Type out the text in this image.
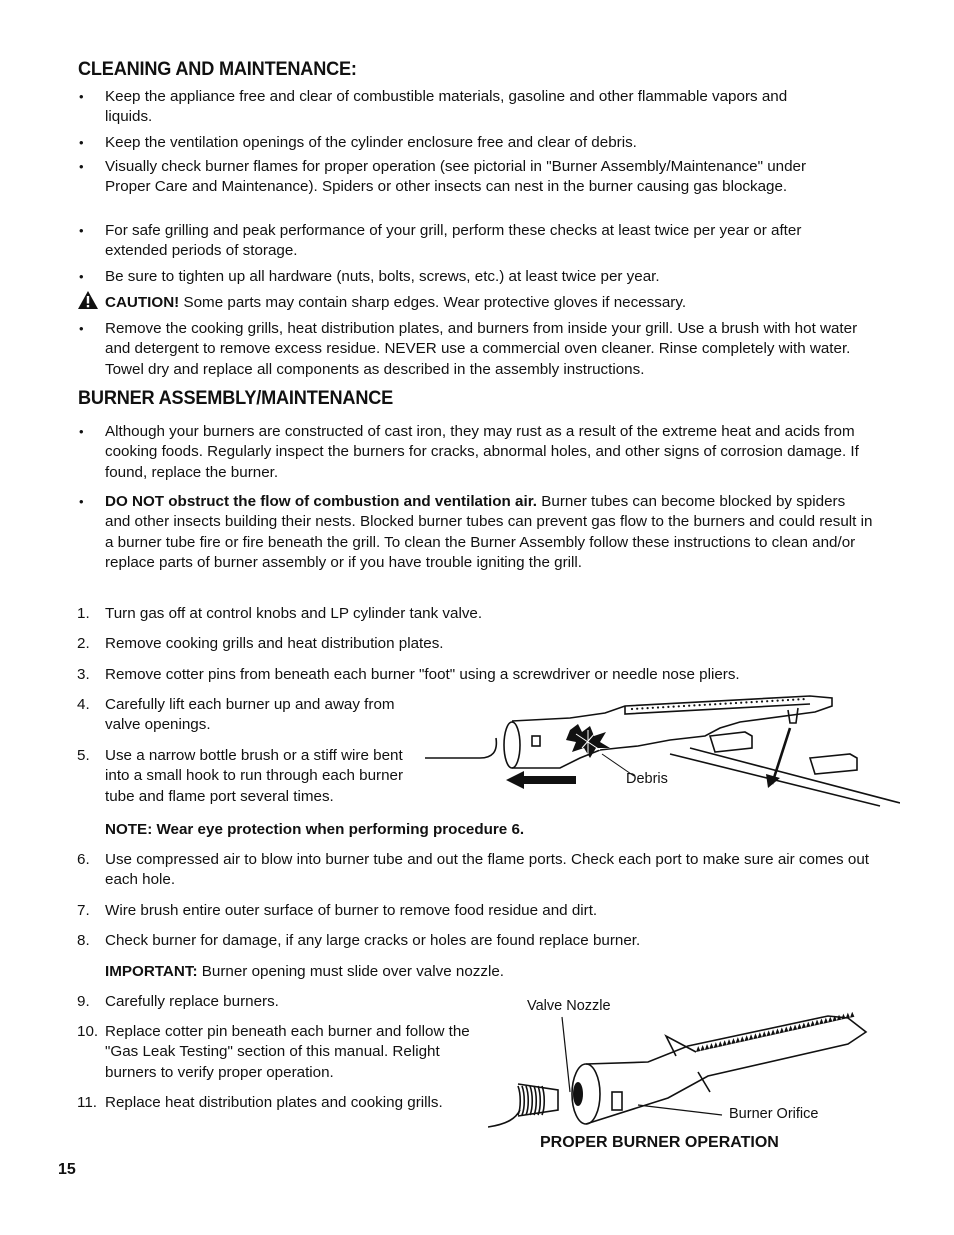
CLEANING AND MAINTENANCE:
•	Keep the appliance free and clear of combustible materials, gasoline and other flammable vapors and liquids.
•	Keep the ventilation openings of the cylinder enclosure free and clear of debris.
•	Visually check burner flames for proper operation (see pictorial in "Burner Assembly/Maintenance" under Proper Care and Maintenance). Spiders or other insects can nest in the burner causing gas blockage.
•	For safe grilling and peak performance of your grill, perform these checks at least twice per year or after extended periods of storage.
•	Be sure to tighten up all hardware (nuts, bolts, screws, etc.) at least twice per year.
CAUTION! Some parts may contain sharp edges. Wear protective gloves if necessary.
•	Remove the cooking grills, heat distribution plates, and burners from inside your grill. Use a brush with hot water and detergent to remove excess residue. NEVER use a commercial oven cleaner. Rinse completely with water. Towel dry and replace all components as described in the assembly instructions.
BURNER ASSEMBLY/MAINTENANCE
•	Although your burners are constructed of cast iron, they may rust as a result of the extreme heat and acids from cooking foods. Regularly inspect the burners for cracks, abnormal holes, and other signs of corrosion damage. If found, replace the burner.
•	DO NOT obstruct the flow of combustion and ventilation air. Burner tubes can become blocked by spiders and other insects building their nests. Blocked burner tubes can prevent gas flow to the burners and could result in a burner tube fire or fire beneath the grill. To clean the Burner Assembly follow these instructions to clean and/or replace parts of burner assembly or if you have trouble igniting the grill.
1.	Turn gas off at control knobs and LP cylinder tank valve.
2.	Remove cooking grills and heat distribution plates.
3.	Remove cotter pins from beneath each burner "foot" using a screwdriver or needle nose pliers.
4.	Carefully lift each burner up and away from valve openings.
5.	Use a narrow bottle brush or a stiff wire bent into a small hook to run through each burner tube and flame port several times.
NOTE: Wear eye protection when performing procedure 6.
6.	Use compressed air to blow into burner tube and out the flame ports. Check each port to make sure air comes out each hole.
7.	Wire brush entire outer surface of burner to remove food residue and dirt.
8.	Check burner for damage, if any large cracks or holes are found replace burner.
IMPORTANT: Burner opening must slide over valve nozzle.
9.	Carefully replace burners.
10. Replace cotter pin beneath each burner and follow the "Gas Leak Testing" section of this manual. Relight burners to verify proper operation.
11. Replace heat distribution plates and cooking grills.
Debris
Valve Nozzle
Burner Orifice
PROPER BURNER OPERATION
15
